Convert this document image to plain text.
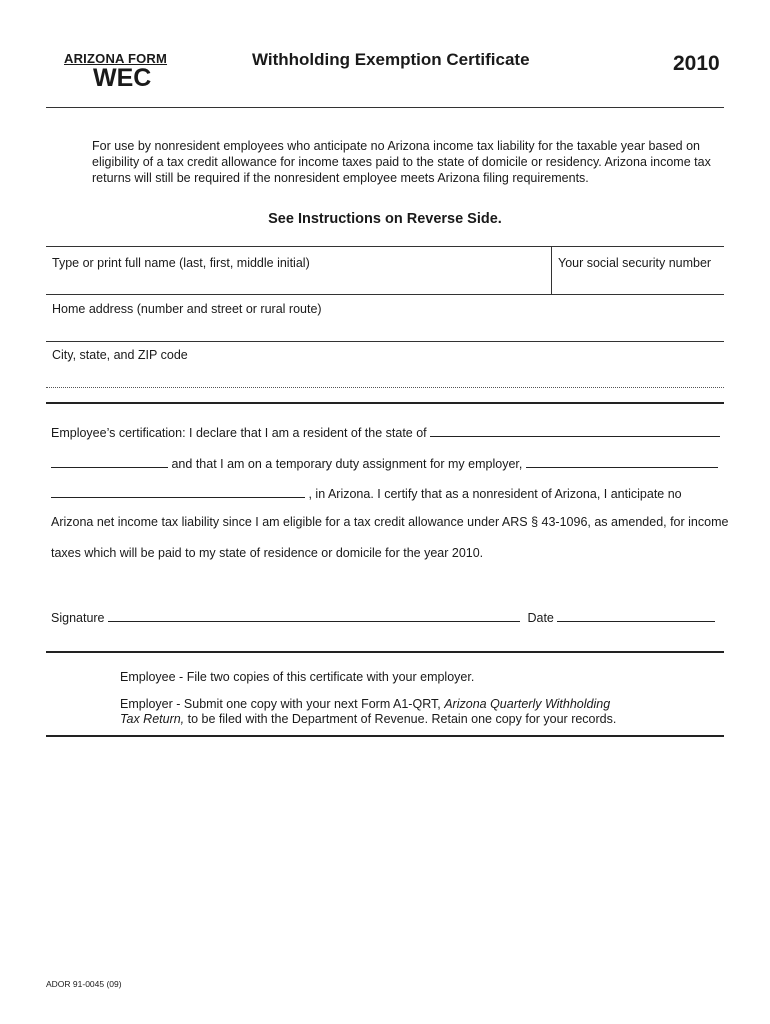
ARIZONA FORM
WEC
Withholding Exemption Certificate	2010
For use by nonresident employees who anticipate no Arizona income tax liability for the taxable year based on eligibility of a tax credit allowance for income taxes paid to the state of domicile or residency. Arizona income tax returns will still be required if the nonresident employee meets Arizona filing requirements.
See Instructions on Reverse Side.
Type or print full name (last, first, middle initial)	Your social security number
Home address (number and street or rural route)
City, state, and ZIP code
Employee’s certification: I declare that I am a resident of the state of
and that I am on a temporary duty assignment for my employer,
, in Arizona. I certify that as a nonresident of Arizona, I anticipate no
Arizona net income tax liability since I am eligible for a tax credit allowance under ARS § 43-1096, as amended, for income
taxes which will be paid to my state of residence or domicile for the year 2010.
Signature	Date
Employee - File two copies of this certificate with your employer.
Employer - Submit one copy with your next Form A1-QRT, Arizona Quarterly Withholding
Tax Return, to be filed with the Department of Revenue. Retain one copy for your records.
ADOR 91-0045 (09)
